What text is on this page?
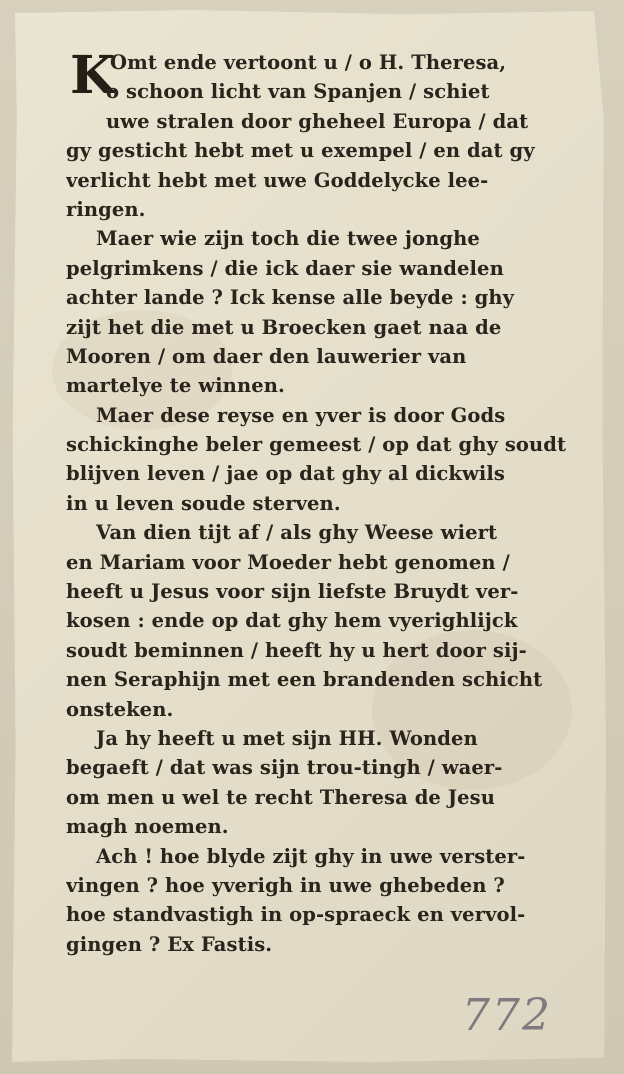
K
Omt ende vertoont u / o H. Theresa,
o schoon licht van Spanjen / schiet
uwe stralen door gheheel Europa / dat
gy gesticht hebt met u exempel / en dat gy
verlicht hebt met uwe Goddelycke lee-
ringen.
Maer wie zijn toch die twee jonghe
pelgrimkens / die ick daer sie wandelen
achter lande ? Ick kense alle beyde : ghy
zijt het die met u Broecken gaet naa de
Mooren / om daer den lauwerier van
martelye te winnen.
Maer dese reyse en yver is door Gods
schickinghe beler gemeest / op dat ghy soudt
blijven leven / jae op dat ghy al dickwils
in u leven soude sterven.
Van dien tijt af / als ghy Weese wiert
en Mariam voor Moeder hebt genomen /
heeft u Jesus voor sijn liefste Bruydt ver-
kosen : ende op dat ghy hem vyerighlijck
soudt beminnen / heeft hy u hert door sij-
nen Seraphijn met een brandenden schicht
onsteken.
Ja hy heeft u met sijn HH. Wonden
begaeft / dat was sijn trou-tingh / waer-
om men u wel te recht Theresa de Jesu
magh noemen.
Ach ! hoe blyde zijt ghy in uwe verster-
vingen ? hoe yverigh in uwe ghebeden ?
hoe standvastigh in op-spraeck en vervol-
gingen ? Ex Fastis.
772
